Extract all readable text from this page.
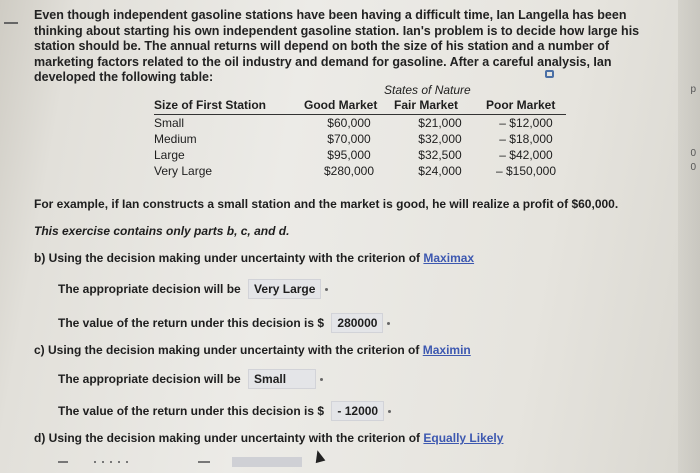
p
0
0
Even though independent gasoline stations have been having a difficult time, Ian Langella has been thinking about starting his own independent gasoline station. Ian's problem is to decide how large his station should be. The annual returns will depend on both the size of his station and a number of marketing factors related to the oil industry and demand for gasoline. After a careful analysis, Ian developed the following table:
States of Nature
Size of First Station	Good Market	Fair Market	Poor Market
Small	$60,000	$21,000	– $12,000
Medium	$70,000	$32,000	– $18,000
Large	$95,000	$32,500	– $42,000
Very Large	$280,000	$24,000	– $150,000
For example, if Ian constructs a small station and the market is good, he will realize a profit of $60,000.
This exercise contains only parts b, c, and d.
b) Using the decision making under uncertainty with the criterion of Maximax
The appropriate decision will be Very Large
The value of the return under this decision is $ 280000
c) Using the decision making under uncertainty with the criterion of Maximin
The appropriate decision will be Small
The value of the return under this decision is $ - 12000
d) Using the decision making under uncertainty with the criterion of Equally Likely
